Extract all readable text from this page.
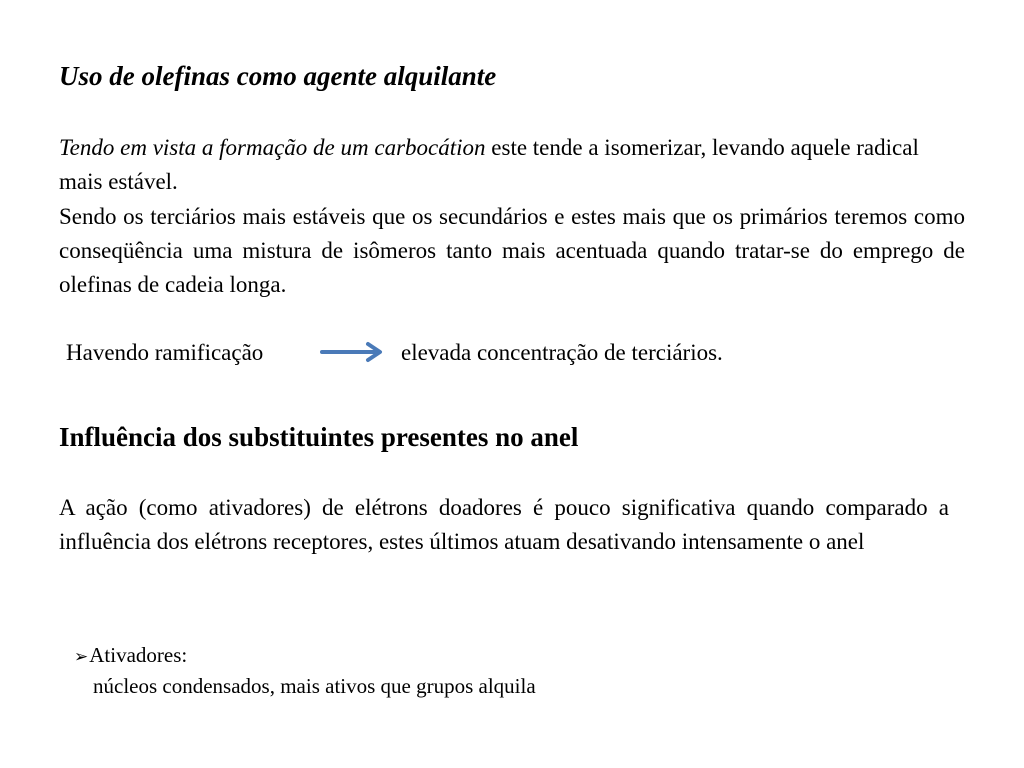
Uso de olefinas como agente alquilante
Tendo em vista a formação de um carbocátion este tende a isomerizar, levando aquele radical mais estável.
Sendo os terciários mais estáveis que os secundários e estes mais que os primários teremos como conseqüência uma mistura de isômeros tanto mais acentuada quando tratar-se do emprego de olefinas de cadeia longa.
Havendo ramificação	elevada concentração de terciários.
Influência dos substituintes presentes no anel
A ação (como ativadores) de elétrons doadores é pouco significativa quando comparado a influência dos elétrons receptores, estes últimos atuam desativando intensamente o anel
➢Ativadores:
núcleos condensados, mais ativos que grupos alquila
